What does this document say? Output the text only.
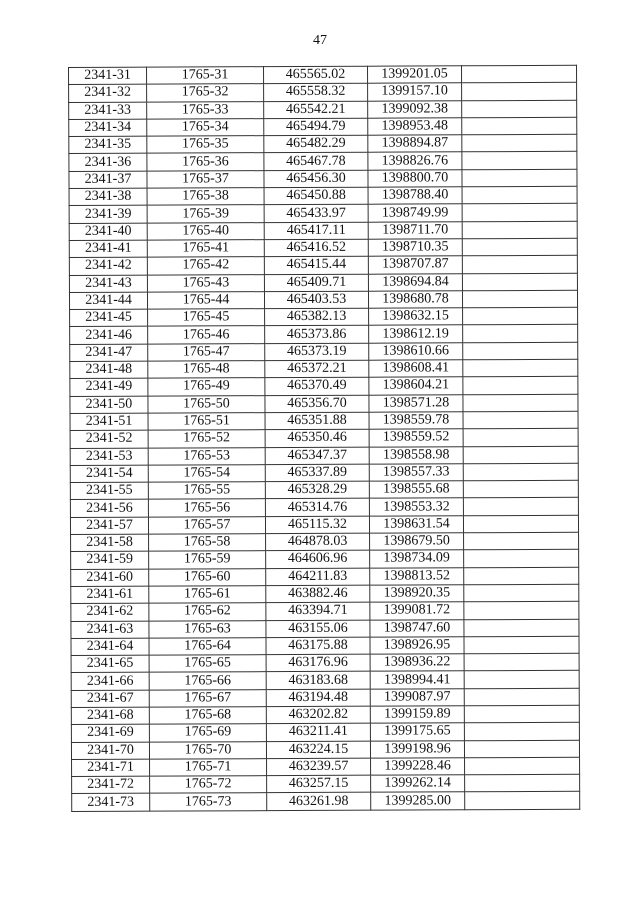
47
2341-31	1765-31	465565.02	1399201.05	
2341-32	1765-32	465558.32	1399157.10	
2341-33	1765-33	465542.21	1399092.38	
2341-34	1765-34	465494.79	1398953.48	
2341-35	1765-35	465482.29	1398894.87	
2341-36	1765-36	465467.78	1398826.76	
2341-37	1765-37	465456.30	1398800.70	
2341-38	1765-38	465450.88	1398788.40	
2341-39	1765-39	465433.97	1398749.99	
2341-40	1765-40	465417.11	1398711.70	
2341-41	1765-41	465416.52	1398710.35	
2341-42	1765-42	465415.44	1398707.87	
2341-43	1765-43	465409.71	1398694.84	
2341-44	1765-44	465403.53	1398680.78	
2341-45	1765-45	465382.13	1398632.15	
2341-46	1765-46	465373.86	1398612.19	
2341-47	1765-47	465373.19	1398610.66	
2341-48	1765-48	465372.21	1398608.41	
2341-49	1765-49	465370.49	1398604.21	
2341-50	1765-50	465356.70	1398571.28	
2341-51	1765-51	465351.88	1398559.78	
2341-52	1765-52	465350.46	1398559.52	
2341-53	1765-53	465347.37	1398558.98	
2341-54	1765-54	465337.89	1398557.33	
2341-55	1765-55	465328.29	1398555.68	
2341-56	1765-56	465314.76	1398553.32	
2341-57	1765-57	465115.32	1398631.54	
2341-58	1765-58	464878.03	1398679.50	
2341-59	1765-59	464606.96	1398734.09	
2341-60	1765-60	464211.83	1398813.52	
2341-61	1765-61	463882.46	1398920.35	
2341-62	1765-62	463394.71	1399081.72	
2341-63	1765-63	463155.06	1398747.60	
2341-64	1765-64	463175.88	1398926.95	
2341-65	1765-65	463176.96	1398936.22	
2341-66	1765-66	463183.68	1398994.41	
2341-67	1765-67	463194.48	1399087.97	
2341-68	1765-68	463202.82	1399159.89	
2341-69	1765-69	463211.41	1399175.65	
2341-70	1765-70	463224.15	1399198.96	
2341-71	1765-71	463239.57	1399228.46	
2341-72	1765-72	463257.15	1399262.14	
2341-73	1765-73	463261.98	1399285.00	
